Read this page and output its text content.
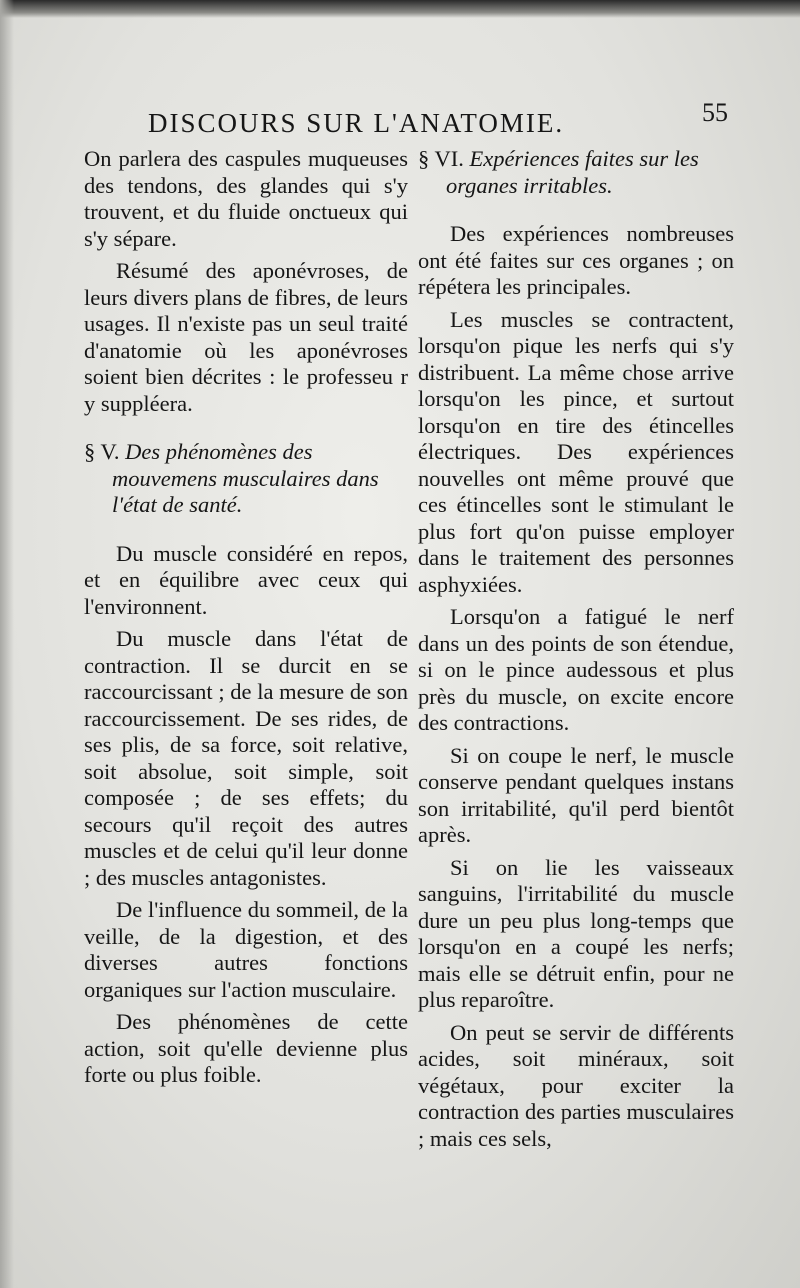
DISCOURS SUR L'ANATOMIE.	55

On parlera des caspules muqueuses des tendons, des glandes qui s'y trouvent, et du fluide onctueux qui s'y sépare.

Résumé des aponévroses, de leurs divers plans de fibres, de leurs usages. Il n'existe pas un seul traité d'anatomie où les aponévroses soient bien décrites : le professeu r y suppléera.

§ V. Des phénomènes des mouvemens musculaires dans l'état de santé.

Du muscle considéré en repos, et en équilibre avec ceux qui l'environnent.

Du muscle dans l'état de contraction. Il se durcit en se raccourcissant ; de la mesure de son raccourcissement. De ses rides, de ses plis, de sa force, soit relative, soit absolue, soit simple, soit composée ; de ses effets; du secours qu'il reçoit des autres muscles et de celui qu'il leur donne ; des muscles antagonistes.

De l'influence du sommeil, de la veille, de la digestion, et des diverses autres fonctions organiques sur l'action musculaire.

Des phénomènes de cette action, soit qu'elle devienne plus forte ou plus foible.

§ VI. Expériences faites sur les organes irritables.

Des expériences nombreuses ont été faites sur ces organes ; on répétera les principales.

Les muscles se contractent, lorsqu'on pique les nerfs qui s'y distribuent. La même chose arrive lorsqu'on les pince, et surtout lorsqu'on en tire des étincelles électriques. Des expériences nouvelles ont même prouvé que ces étincelles sont le stimulant le plus fort qu'on puisse employer dans le traitement des personnes asphyxiées.

Lorsqu'on a fatigué le nerf dans un des points de son étendue, si on le pince audessous et plus près du muscle, on excite encore des contractions.

Si on coupe le nerf, le muscle conserve pendant quelques instans son irritabilité, qu'il perd bientôt après.

Si on lie les vaisseaux sanguins, l'irritabilité du muscle dure un peu plus long-temps que lorsqu'on en a coupé les nerfs; mais elle se détruit enfin, pour ne plus reparoître.

On peut se servir de différents acides, soit minéraux, soit végétaux, pour exciter la contraction des parties musculaires ; mais ces sels,
